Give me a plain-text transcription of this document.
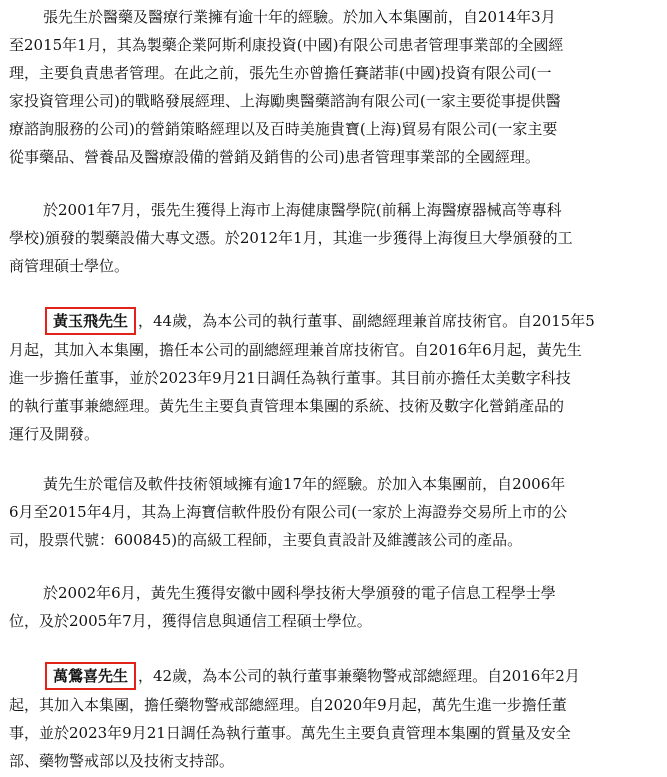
張先生於醫藥及醫療行業擁有逾十年的經驗。於加入本集團前，自2014年3月
至2015年1月，其為製藥企業阿斯利康投資(中國)有限公司患者管理事業部的全國經
理，主要負責患者管理。在此之前，張先生亦曾擔任賽諾菲(中國)投資有限公司(一
家投資管理公司)的戰略發展經理、上海勵奧醫藥諮詢有限公司(一家主要從事提供醫
療諮詢服務的公司)的營銷策略經理以及百時美施貴寶(上海)貿易有限公司(一家主要
從事藥品、營養品及醫療設備的營銷及銷售的公司)患者管理事業部的全國經理。
於2001年7月，張先生獲得上海市上海健康醫學院(前稱上海醫療器械高等專科
學校)頒發的製藥設備大專文憑。於2012年1月，其進一步獲得上海復旦大學頒發的工
商管理碩士學位。
黃玉飛先生 ，44歲，為本公司的執行董事、副總經理兼首席技術官。自2015年5
月起，其加入本集團，擔任本公司的副總經理兼首席技術官。自2016年6月起，黃先生
進一步擔任董事，並於2023年9月21日調任為執行董事。其目前亦擔任太美數字科技
的執行董事兼總經理。黃先生主要負責管理本集團的系統、技術及數字化營銷產品的
運行及開發。
黃先生於電信及軟件技術領域擁有逾17年的經驗。於加入本集團前，自2006年
6月至2015年4月，其為上海寶信軟件股份有限公司(一家於上海證券交易所上市的公
司，股票代號：600845)的高級工程師，主要負責設計及維護該公司的產品。
於2002年6月，黃先生獲得安徽中國科學技術大學頒發的電子信息工程學士學
位，及於2005年7月，獲得信息與通信工程碩士學位。
萬鶯喜先生 ，42歲，為本公司的執行董事兼藥物警戒部總經理。自2016年2月
起，其加入本集團，擔任藥物警戒部總經理。自2020年9月起，萬先生進一步擔任董
事，並於2023年9月21日調任為執行董事。萬先生主要負責管理本集團的質量及安全
部、藥物警戒部以及技術支持部。
